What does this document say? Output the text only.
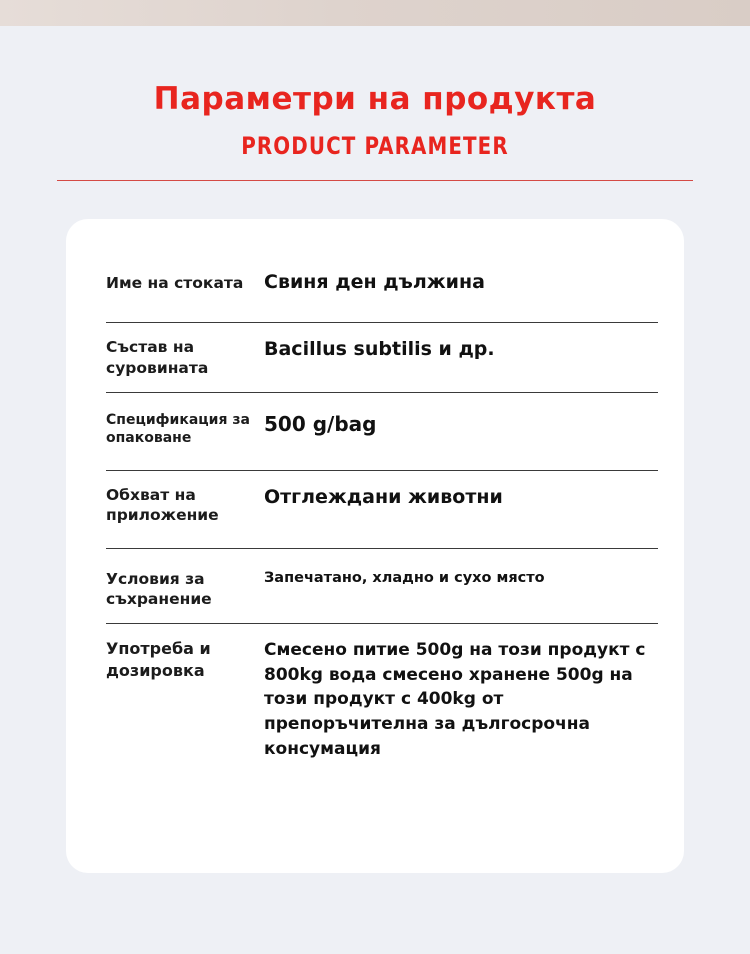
Параметри на продукта
PRODUCT PARAMETER
Име на стоката	Свиня ден дължина
Състав на суровината
Bacillus subtilis и др.
Спецификация за опаковане
500 g/bag
Обхват на приложение
Отглеждани животни
Условия за съхранение
Запечатано, хладно и сухо място
Употреба и дозировка
Смесено питие 500g на този продукт с 800kg вода смесено хранене 500g на този продукт с 400kg от препоръчителна за дългосрочна консумация
